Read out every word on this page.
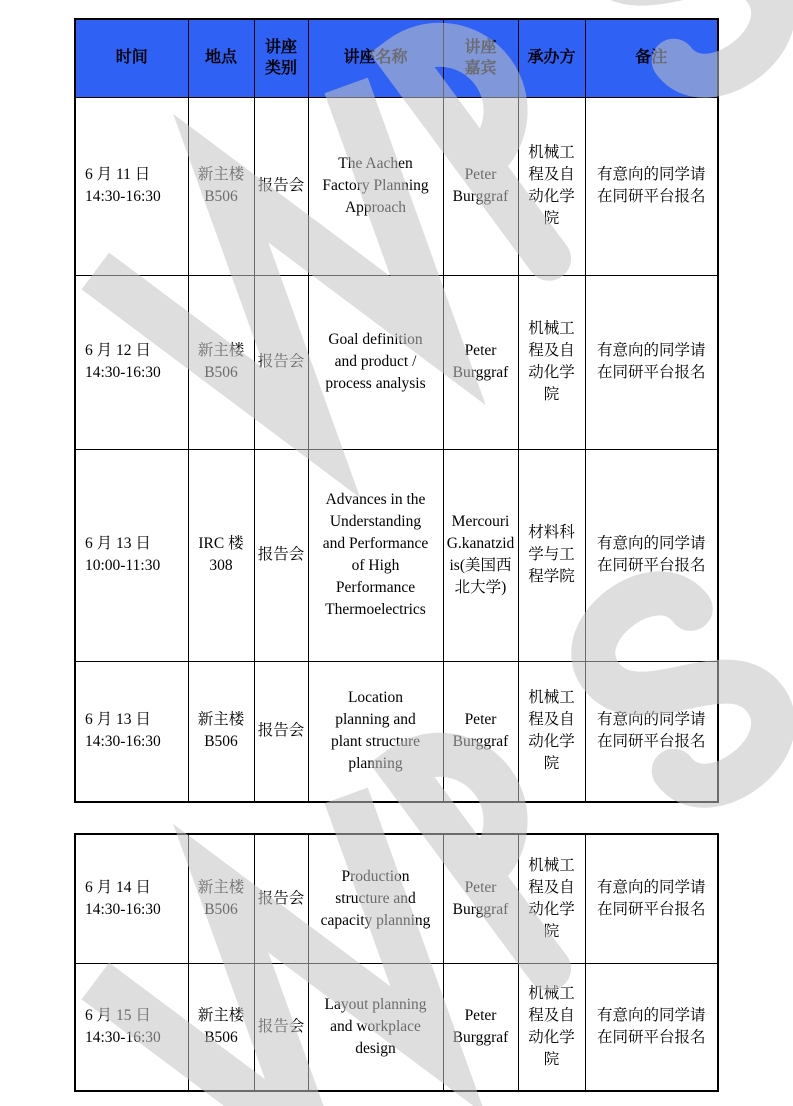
时间	地点	讲座类别	讲座名称	讲座嘉宾	承办方	备注

6 月 11 日
14:30-16:30	新主楼 B506	报告会	The Aachen Factory Planning Approach	Peter Burggraf	机械工程及自动化学院	有意向的同学请在同研平台报名

6 月 12 日
14:30-16:30	新主楼 B506	报告会	Goal definition and product / process analysis	Peter Burggraf	机械工程及自动化学院	有意向的同学请在同研平台报名

6 月 13 日
10:00-11:30	IRC 楼 308	报告会	Advances in the Understanding and Performance of High Performance Thermoelectrics	Mercouri G.kanatzidis(美国西北大学)	材料科学与工程学院	有意向的同学请在同研平台报名

6 月 13 日
14:30-16:30	新主楼 B506	报告会	Location planning and plant structure planning	Peter Burggraf	机械工程及自动化学院	有意向的同学请在同研平台报名
6 月 14 日
14:30-16:30	新主楼 B506	报告会	Production structure and capacity planning	Peter Burggraf	机械工程及自动化学院	有意向的同学请在同研平台报名

6 月 15 日
14:30-16:30	新主楼 B506	报告会	Layout planning and workplace design	Peter Burggraf	机械工程及自动化学院	有意向的同学请在同研平台报名
